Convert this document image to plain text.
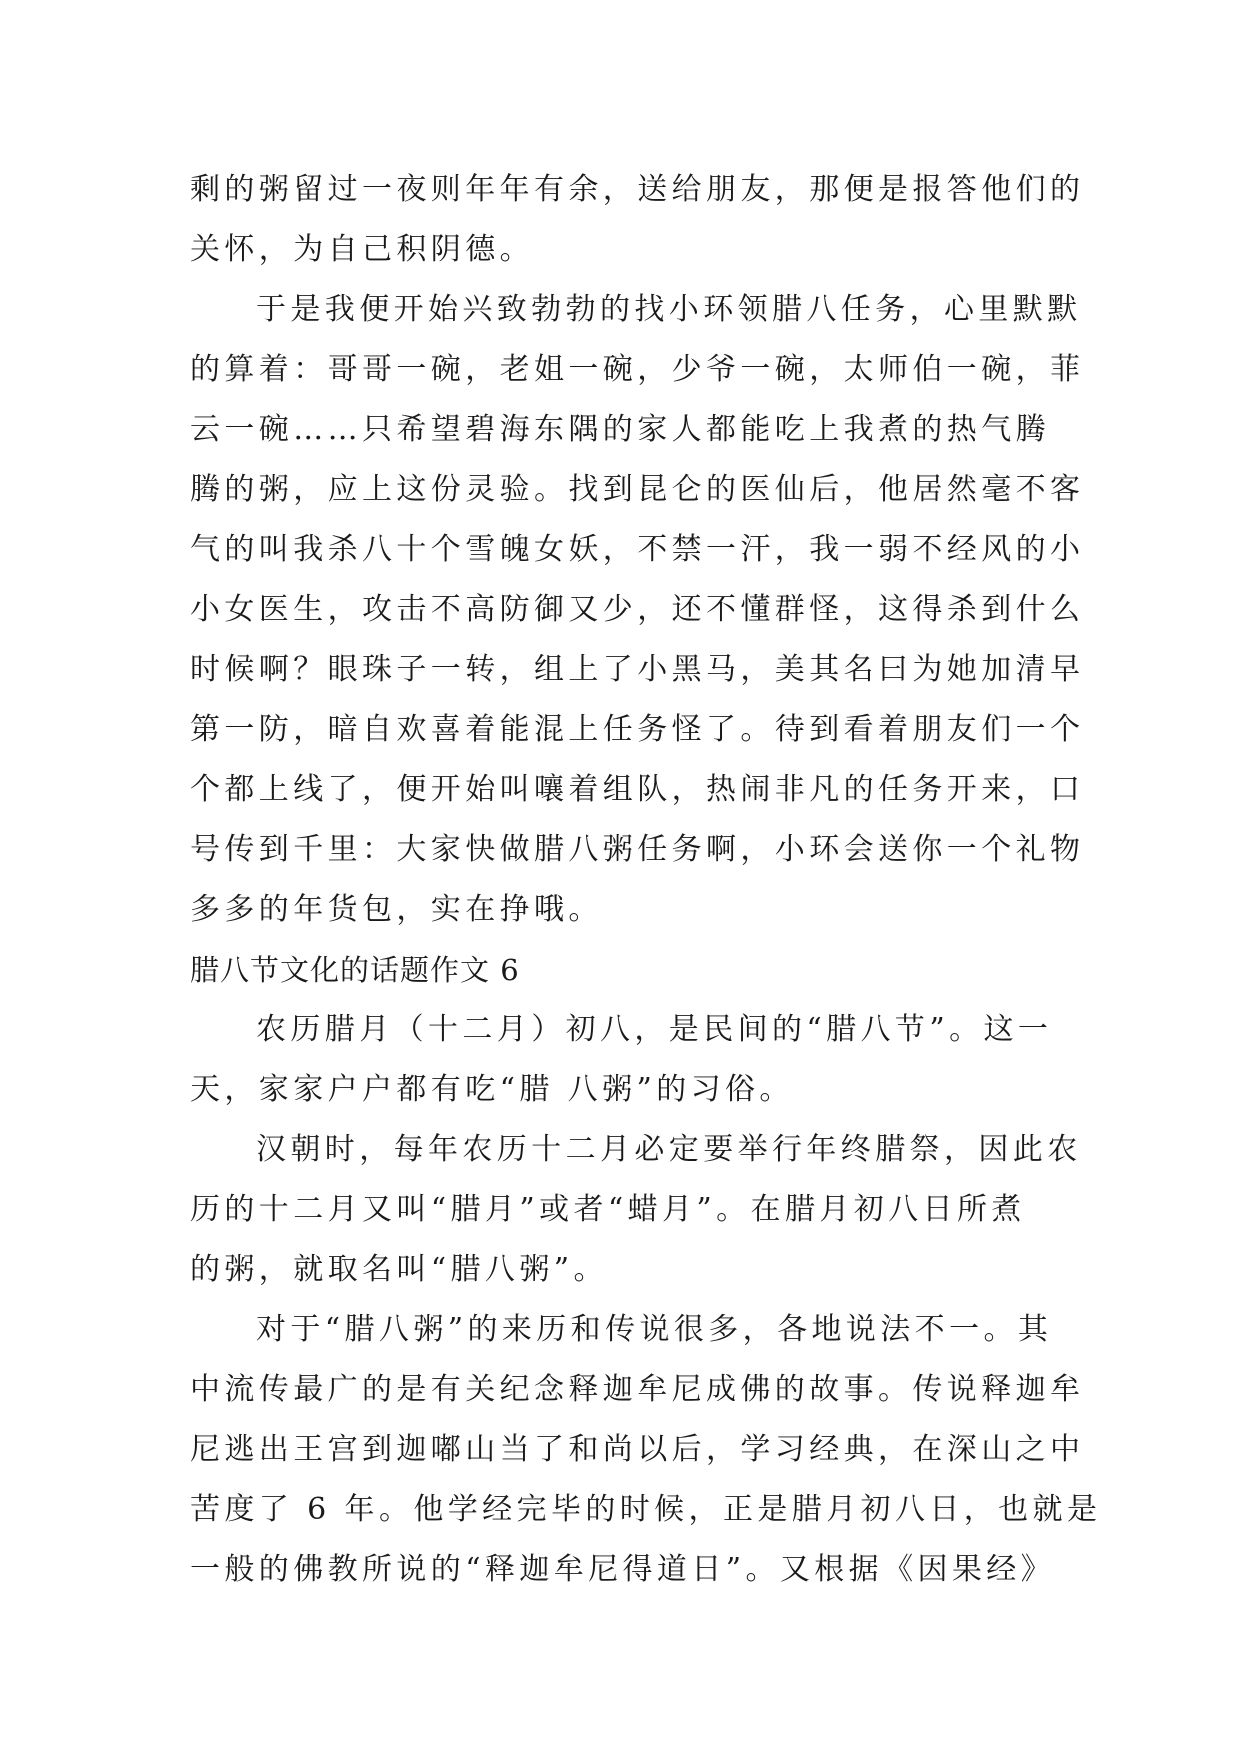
剩的粥留过一夜则年年有余，送给朋友，那便是报答他们的
关怀，为自己积阴德。
于是我便开始兴致勃勃的找小环领腊八任务，心里默默
的算着：哥哥一碗，老姐一碗，少爷一碗，太师伯一碗，菲
云一碗……只希望碧海东隅的家人都能吃上我煮的热气腾
腾的粥，应上这份灵验。找到昆仑的医仙后，他居然毫不客
气的叫我杀八十个雪魄女妖，不禁一汗，我一弱不经风的小
小女医生，攻击不高防御又少，还不懂群怪，这得杀到什么
时候啊？眼珠子一转，组上了小黑马，美其名曰为她加清早
第一防，暗自欢喜着能混上任务怪了。待到看着朋友们一个
个都上线了，便开始叫嚷着组队，热闹非凡的任务开来，口
号传到千里：大家快做腊八粥任务啊，小环会送你一个礼物
多多的年货包，实在挣哦。
腊八节文化的话题作文 6
农历腊月（十二月）初八，是民间的“腊八节”。这一
天，家家户户都有吃“腊 八粥”的习俗。
汉朝时，每年农历十二月必定要举行年终腊祭，因此农
历的十二月又叫“腊月”或者“蜡月”。在腊月初八日所煮
的粥，就取名叫“腊八粥”。
对于“腊八粥”的来历和传说很多，各地说法不一。其
中流传最广的是有关纪念释迦牟尼成佛的故事。传说释迦牟
尼逃出王宫到迦嘟山当了和尚以后，学习经典，在深山之中
苦度了 6 年。他学经完毕的时候，正是腊月初八日，也就是
一般的佛教所说的“释迦牟尼得道日”。又根据《因果经》
